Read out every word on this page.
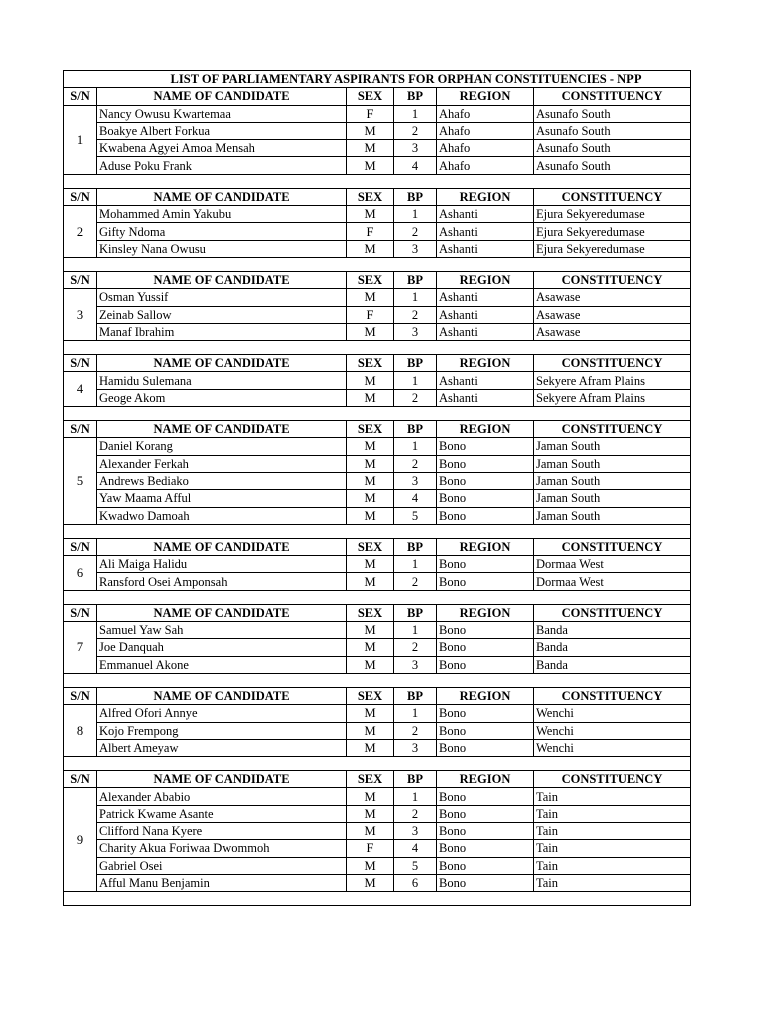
LIST OF PARLIAMENTARY ASPIRANTS FOR ORPHAN CONSTITUENCIES - NPP					
S/N	NAME OF CANDIDATE	SEX	BP	REGION	CONSTITUENCY
1	Nancy Owusu Kwartemaa	F	1	Ahafo	Asunafo South
	Boakye Albert Forkua	M	2	Ahafo	Asunafo South
	Kwabena Agyei Amoa Mensah	M	3	Ahafo	Asunafo South
	Aduse Poku Frank	M	4	Ahafo	Asunafo South

S/N	NAME OF CANDIDATE	SEX	BP	REGION	CONSTITUENCY
2	Mohammed Amin Yakubu	M	1	Ashanti	Ejura Sekyeredumase
	Gifty Ndoma	F	2	Ashanti	Ejura Sekyeredumase
	Kinsley Nana Owusu	M	3	Ashanti	Ejura Sekyeredumase

S/N	NAME OF CANDIDATE	SEX	BP	REGION	CONSTITUENCY
3	Osman Yussif	M	1	Ashanti	Asawase
	Zeinab Sallow	F	2	Ashanti	Asawase
	Manaf Ibrahim	M	3	Ashanti	Asawase

S/N	NAME OF CANDIDATE	SEX	BP	REGION	CONSTITUENCY
4	Hamidu Sulemana	M	1	Ashanti	Sekyere Afram Plains
	Geoge Akom	M	2	Ashanti	Sekyere Afram Plains

S/N	NAME OF CANDIDATE	SEX	BP	REGION	CONSTITUENCY
5	Daniel Korang	M	1	Bono	Jaman South
	Alexander Ferkah	M	2	Bono	Jaman South
	Andrews Bediako	M	3	Bono	Jaman South
	Yaw Maama Afful	M	4	Bono	Jaman South
	Kwadwo Damoah	M	5	Bono	Jaman South

S/N	NAME OF CANDIDATE	SEX	BP	REGION	CONSTITUENCY
6	Ali Maiga Halidu	M	1	Bono	Dormaa West
	Ransford Osei Amponsah	M	2	Bono	Dormaa West

S/N	NAME OF CANDIDATE	SEX	BP	REGION	CONSTITUENCY
7	Samuel Yaw Sah	M	1	Bono	Banda
	Joe Danquah	M	2	Bono	Banda
	Emmanuel Akone	M	3	Bono	Banda

S/N	NAME OF CANDIDATE	SEX	BP	REGION	CONSTITUENCY
8	Alfred Ofori Annye	M	1	Bono	Wenchi
	Kojo Frempong	M	2	Bono	Wenchi
	Albert Ameyaw	M	3	Bono	Wenchi

S/N	NAME OF CANDIDATE	SEX	BP	REGION	CONSTITUENCY
9	Alexander Ababio	M	1	Bono	Tain
	Patrick Kwame Asante	M	2	Bono	Tain
	Clifford Nana Kyere	M	3	Bono	Tain
	Charity Akua Foriwaa Dwommoh	F	4	Bono	Tain
	Gabriel Osei	M	5	Bono	Tain
	Afful Manu Benjamin	M	6	Bono	Tain
